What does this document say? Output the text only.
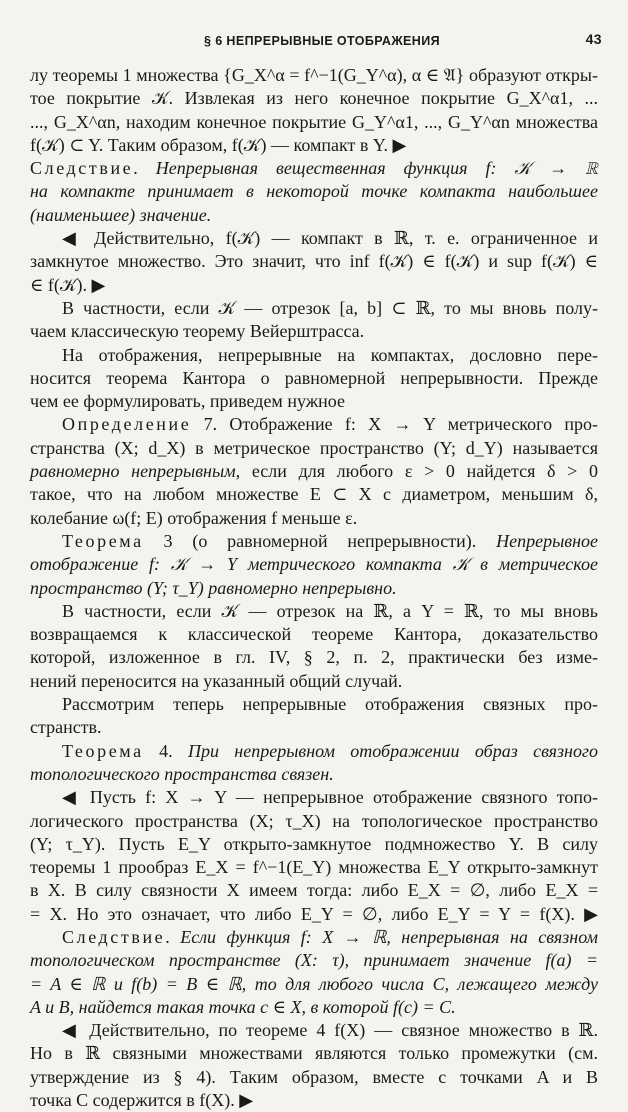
§ 6 НЕПРЕРЫВНЫЕ ОТОБРАЖЕНИЯ	43
лу теоремы 1 множества {G_X^α = f^−1(G_Y^α), α ∈ 𝔄} образуют откры-
тое покрытие 𝒦. Извлекая из него конечное покрытие G_X^α1, ...
..., G_X^αn, находим конечное покрытие G_Y^α1, ..., G_Y^αn множества
f(𝒦) ⊂ Y. Таким образом, f(𝒦) — компакт в Y. ▶
Следствие. Непрерывная вещественная функция f: 𝒦 → ℝ
на компакте принимает в некоторой точке компакта наибольшее
(наименьшее) значение.
◀ Действительно, f(𝒦) — компакт в ℝ, т. е. ограниченное и
замкнутое множество. Это значит, что inf f(𝒦) ∈ f(𝒦) и sup f(𝒦) ∈
∈ f(𝒦). ▶
В частности, если 𝒦 — отрезок [a, b] ⊂ ℝ, то мы вновь полу-
чаем классическую теорему Вейерштрасса.
На отображения, непрерывные на компактах, дословно пере-
носится теорема Кантора о равномерной непрерывности. Прежде
чем ее формулировать, приведем нужное
Определение 7. Отображение f: X → Y метрического про-
странства (X; d_X) в метрическое пространство (Y; d_Y) называется
равномерно непрерывным, если для любого ε > 0 найдется δ > 0
такое, что на любом множестве E ⊂ X с диаметром, меньшим δ,
колебание ω(f; E) отображения f меньше ε.
Теорема 3 (о равномерной непрерывности). Непрерывное
отображение f: 𝒦 → Y метрического компакта 𝒦 в метрическое
пространство (Y; τ_Y) равномерно непрерывно.
В частности, если 𝒦 — отрезок на ℝ, а Y = ℝ, то мы вновь
возвращаемся к классической теореме Кантора, доказательство
которой, изложенное в гл. IV, § 2, п. 2, практически без изме-
нений переносится на указанный общий случай.
Рассмотрим теперь непрерывные отображения связных про-
странств.
Теорема 4. При непрерывном отображении образ связного
топологического пространства связен.
◀ Пусть f: X → Y — непрерывное отображение связного топо-
логического пространства (X; τ_X) на топологическое пространство
(Y; τ_Y). Пусть E_Y открыто-замкнутое подмножество Y. В силу
теоремы 1 прообраз E_X = f^−1(E_Y) множества E_Y открыто-замкнут
в X. В силу связности X имеем тогда: либо E_X = ∅, либо E_X =
= X. Но это означает, что либо E_Y = ∅, либо E_Y = Y = f(X). ▶
Следствие. Если функция f: X → ℝ, непрерывная на связном
топологическом пространстве (X: τ), принимает значение f(a) =
= A ∈ ℝ и f(b) = B ∈ ℝ, то для любого числа C, лежащего между
A и B, найдется такая точка c ∈ X, в которой f(c) = C.
◀ Действительно, по теореме 4 f(X) — связное множество в ℝ.
Но в ℝ связными множествами являются только промежутки (см.
утверждение из § 4). Таким образом, вместе с точками A и B
точка C содержится в f(X). ▶
